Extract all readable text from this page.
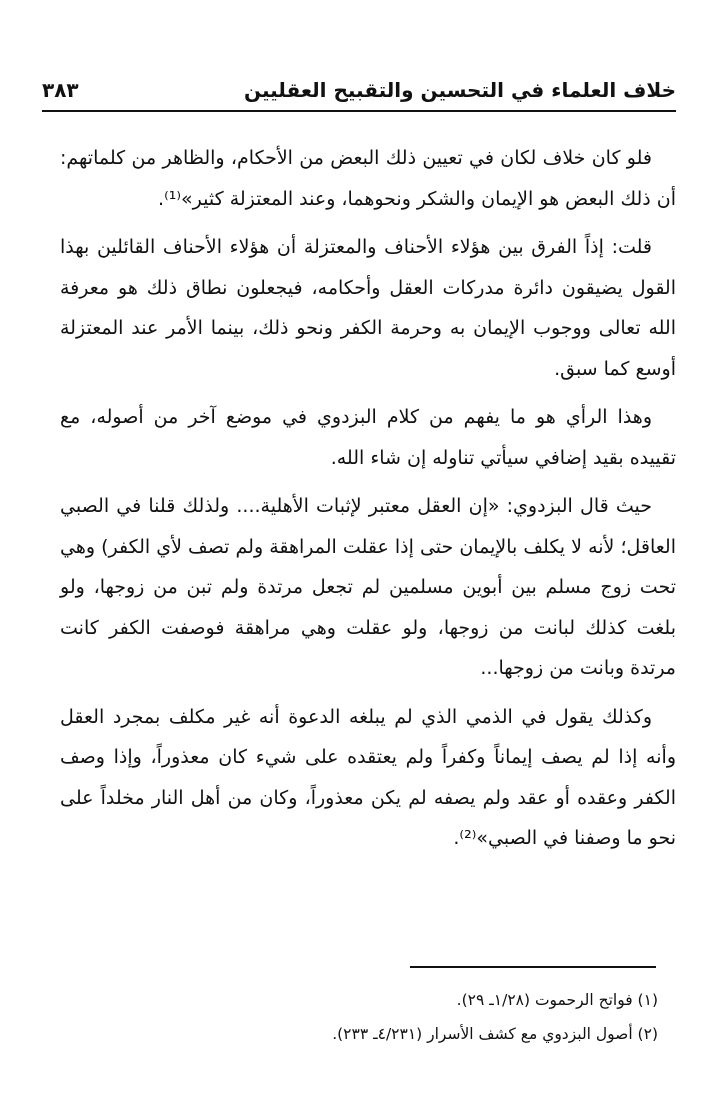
خلاف العلماء في التحسين والتقبيح العقليين
٣٨٣

فلو كان خلاف لكان في تعيين ذلك البعض من الأحكام، والظاهر من كلماتهم: أن ذلك البعض هو الإيمان والشكر ونحوهما، وعند المعتزلة كثير»⁽¹⁾.

قلت: إذاً الفرق بين هؤلاء الأحناف والمعتزلة أن هؤلاء الأحناف القائلين بهذا القول يضيقون دائرة مدركات العقل وأحكامه، فيجعلون نطاق ذلك هو معرفة الله تعالى ووجوب الإيمان به وحرمة الكفر ونحو ذلك، بينما الأمر عند المعتزلة أوسع كما سبق.

وهذا الرأي هو ما يفهم من كلام البزدوي في موضع آخر من أصوله، مع تقييده بقيد إضافي سيأتي تناوله إن شاء الله.

حيث قال البزدوي: «إن العقل معتبر لإثبات الأهلية.... ولذلك قلنا في الصبي العاقل؛ لأنه لا يكلف بالإيمان حتى إذا عقلت المراهقة ولم تصف لأي الكفر) وهي تحت زوج مسلم بين أبوين مسلمين لم تجعل مرتدة ولم تبن من زوجها، ولو بلغت كذلك لبانت من زوجها، ولو عقلت وهي مراهقة فوصفت الكفر كانت مرتدة وبانت من زوجها...

وكذلك يقول في الذمي الذي لم يبلغه الدعوة أنه غير مكلف بمجرد العقل وأنه إذا لم يصف إيماناً وكفراً ولم يعتقده على شيء كان معذوراً، وإذا وصف الكفر وعقده أو عقد ولم يصفه لم يكن معذوراً، وكان من أهل النار مخلداً على نحو ما وصفنا في الصبي»⁽²⁾.

(١) فواتح الرحموت (١/٢٨ـ ٢٩).
(٢) أصول البزدوي مع كشف الأسرار (٤/٢٣١ـ ٢٣٣).
